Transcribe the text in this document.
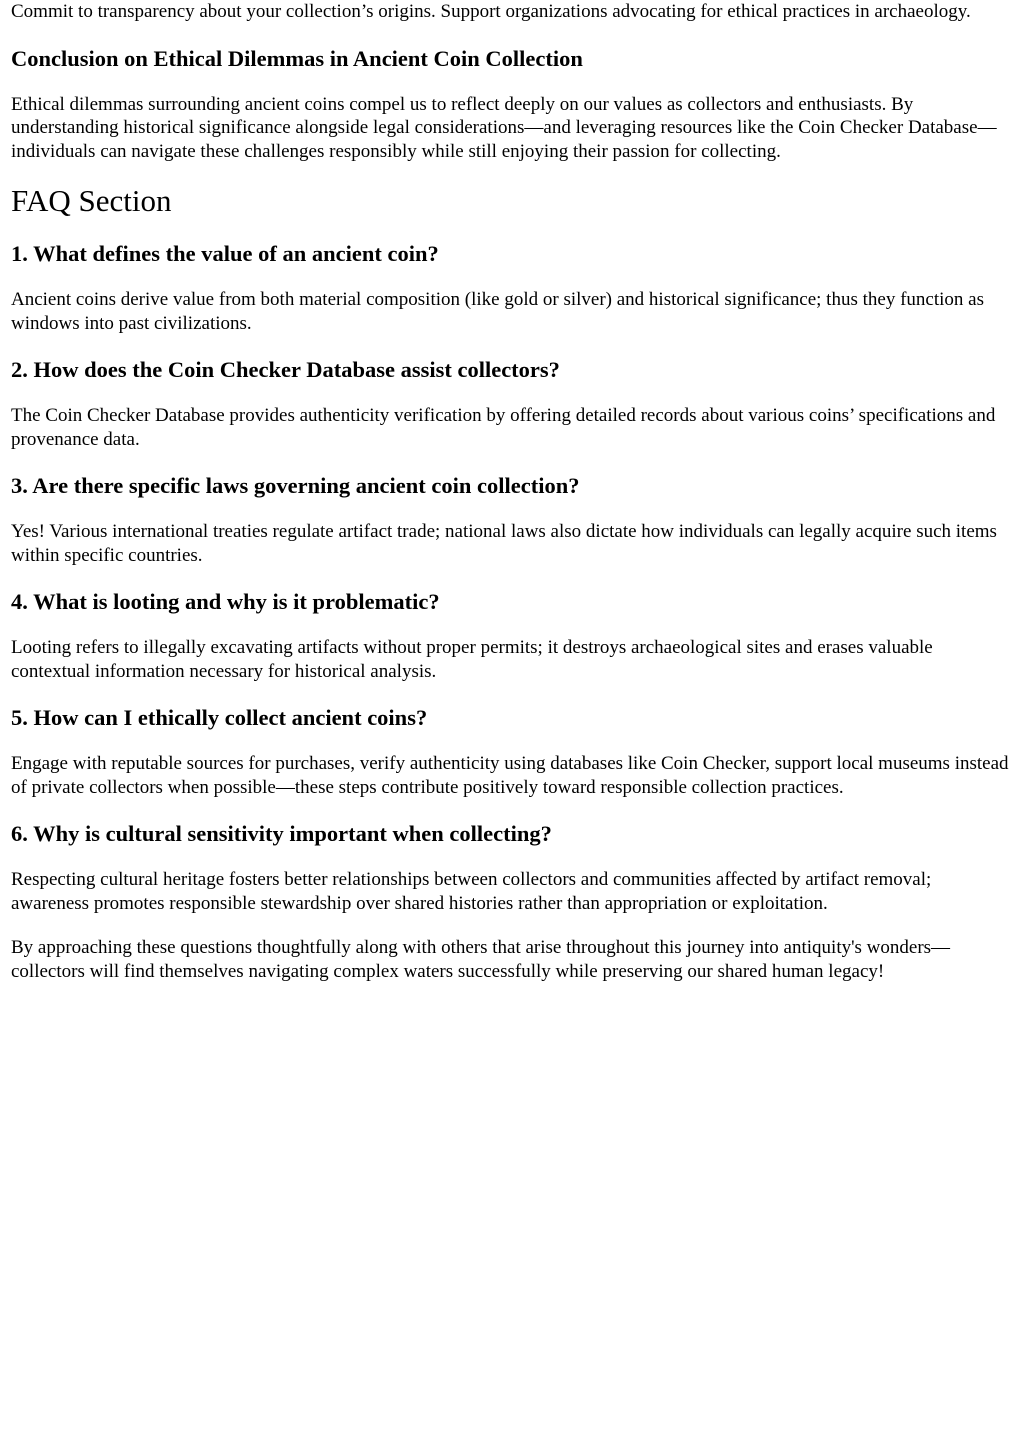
Commit to transparency about your collection’s origins. Support organizations advocating for ethical practices in archaeology.

Conclusion on Ethical Dilemmas in Ancient Coin Collection

Ethical dilemmas surrounding ancient coins compel us to reflect deeply on our values as collectors and enthusiasts. By understanding historical significance alongside legal considerations—and leveraging resources like the Coin Checker Database—individuals can navigate these challenges responsibly while still enjoying their passion for collecting.

FAQ Section
1. What defines the value of an ancient coin?

Ancient coins derive value from both material composition (like gold or silver) and historical significance; thus they function as windows into past civilizations.

2. How does the Coin Checker Database assist collectors?

The Coin Checker Database provides authenticity verification by offering detailed records about various coins’ specifications and provenance data.

3. Are there specific laws governing ancient coin collection?

Yes! Various international treaties regulate artifact trade; national laws also dictate how individuals can legally acquire such items within specific countries.

4. What is looting and why is it problematic?

Looting refers to illegally excavating artifacts without proper permits; it destroys archaeological sites and erases valuable contextual information necessary for historical analysis.

5. How can I ethically collect ancient coins?

Engage with reputable sources for purchases, verify authenticity using databases like Coin Checker, support local museums instead of private collectors when possible—these steps contribute positively toward responsible collection practices.

6. Why is cultural sensitivity important when collecting?

Respecting cultural heritage fosters better relationships between collectors and communities affected by artifact removal; awareness promotes responsible stewardship over shared histories rather than appropriation or exploitation.

By approaching these questions thoughtfully along with others that arise throughout this journey into antiquity's wonders—collectors will find themselves navigating complex waters successfully while preserving our shared human legacy!
